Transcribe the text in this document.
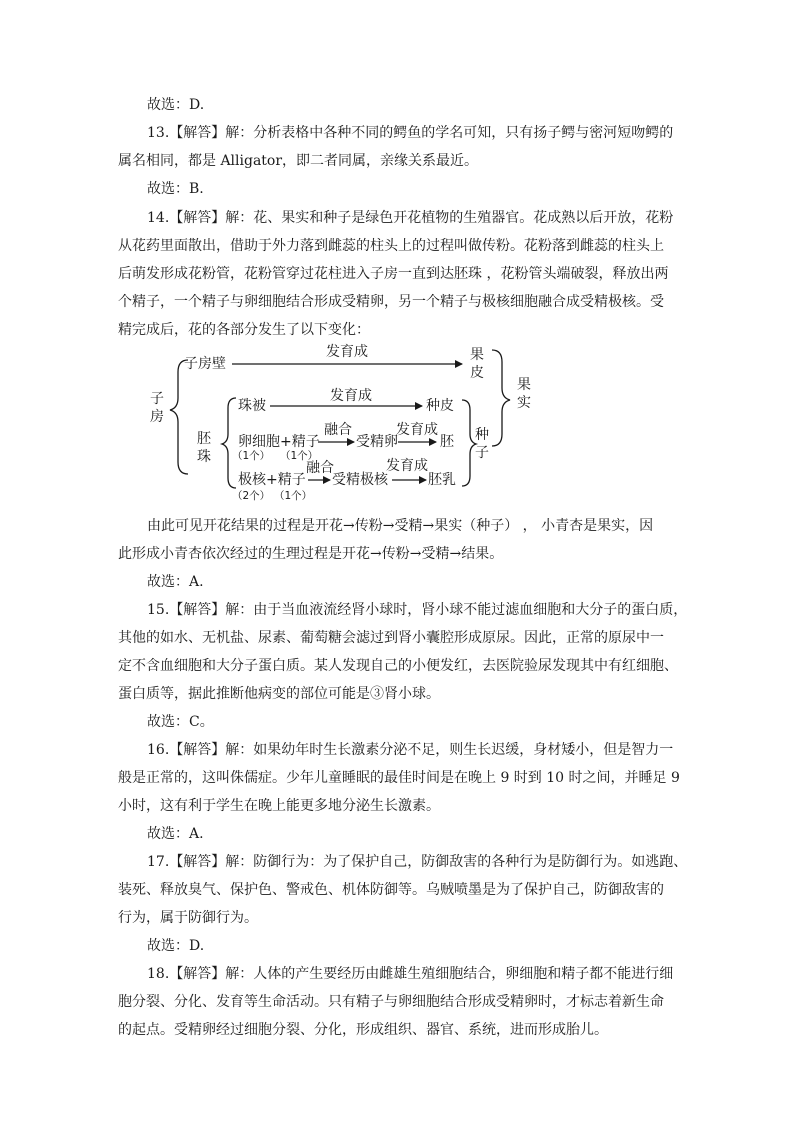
故选：D.
13.【解答】解：分析表格中各种不同的鳄鱼的学名可知，只有扬子鳄与密河短吻鳄的
属名相同，都是 Alligator，即二者同属，亲缘关系最近。
故选：B.
14.【解答】解：花、果实和种子是绿色开花植物的生殖器官。花成熟以后开放，花粉
从花药里面散出，借助于外力落到雌蕊的柱头上的过程叫做传粉。花粉落到雌蕊的柱头上
后萌发形成花粉管，花粉管穿过花柱进入子房一直到达胚珠 ，花粉管头端破裂，释放出两
个精子，一个精子与卵细胞结合形成受精卵，另一个精子与极核细胞融合成受精极核。受
精完成后，花的各部分发生了以下变化：
子
房
子房壁
发育成	果
皮
果
实
胚
珠
珠被
发育成
种皮
卵细胞+精子
（1个） （1个）
融合
受精卵
发育成
胚 种
子
极核+精子
（2个） （1个）
融合
受精极核
发育成
胚乳
由此可见开花结果的过程是开花→传粉→受精→果实（种子） ， 小青杏是果实，因
此形成小青杏依次经过的生理过程是开花→传粉→受精→结果。
故选：A.
15.【解答】解：由于当血液流经肾小球时，肾小球不能过滤血细胞和大分子的蛋白质，
其他的如水、无机盐、尿素、葡萄糖会滤过到肾小囊腔形成原尿。因此，正常的原尿中一
定不含血细胞和大分子蛋白质。某人发现自己的小便发红，去医院验尿发现其中有红细胞、
蛋白质等，据此推断他病变的部位可能是③肾小球。
故选：C。
16.【解答】解：如果幼年时生长激素分泌不足，则生长迟缓，身材矮小，但是智力一
般是正常的，这叫侏儒症。少年儿童睡眠的最佳时间是在晚上 9 时到 10 时之间，并睡足 9
小时，这有利于学生在晚上能更多地分泌生长激素。
故选：A.
17.【解答】解：防御行为：为了保护自己，防御敌害的各种行为是防御行为。如逃跑、
装死、释放臭气、保护色、警戒色、机体防御等。乌贼喷墨是为了保护自己，防御敌害的
行为，属于防御行为。
故选：D.
18.【解答】解：人体的产生要经历由雌雄生殖细胞结合，卵细胞和精子都不能进行细
胞分裂、分化、发育等生命活动。只有精子与卵细胞结合形成受精卵时，才标志着新生命
的起点。受精卵经过细胞分裂、分化，形成组织、器官、系统，进而形成胎儿。
